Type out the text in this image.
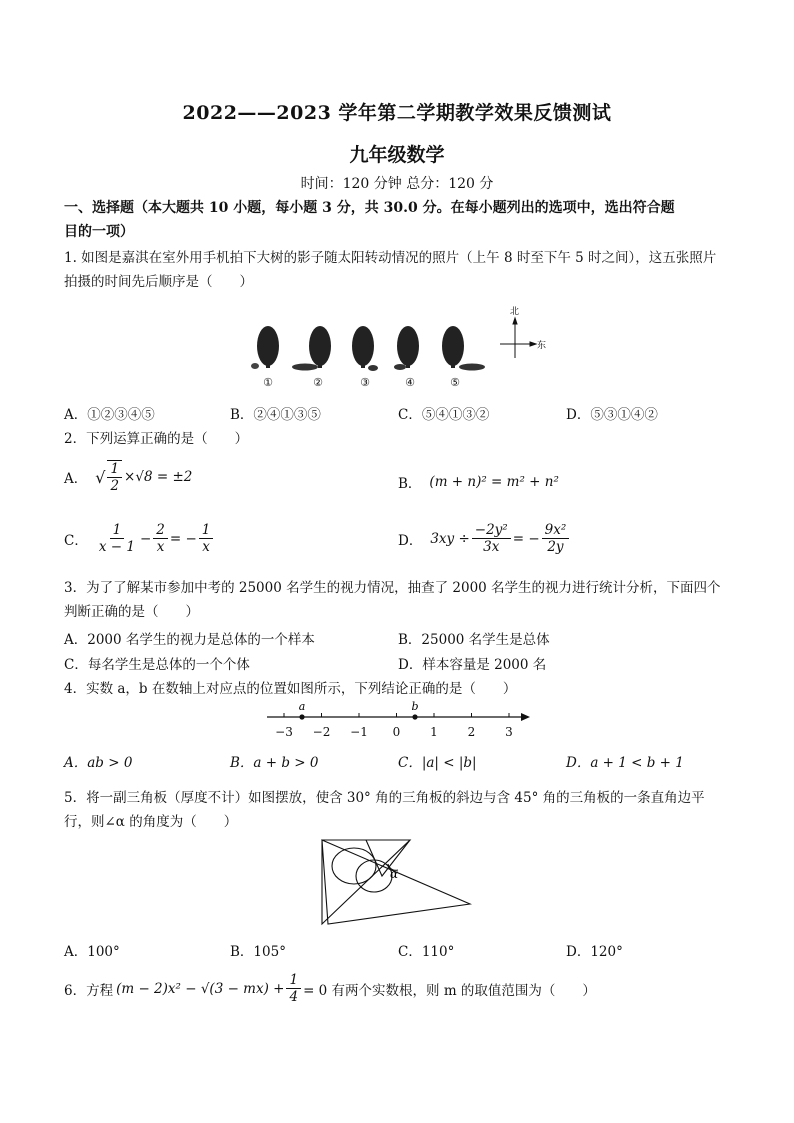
2022——2023 学年第二学期教学效果反馈测试
九年级数学
时间：120 分钟 总分：120 分
一、选择题（本大题共 10 小题，每小题 3 分，共 30.0 分。在每小题列出的选项中，选出符合题
目的一项）
1. 如图是嘉淇在室外用手机拍下大树的影子随太阳转动情况的照片（上午 8 时至下午 5 时之间），这五张照片
拍摄的时间先后顺序是（　　）
①	②	③	④	⑤
北
东
A．①②③④⑤	B．②④①③⑤	C．⑤④①③②	D．⑤③①④②
2．下列运算正确的是（　　）
A． √ $\frac{1}{2} \times√8 = \pm 2$	B． (m + n)² = m² + n²
C． $\frac{1}{x - 1} - \frac{2}{x}$ = − $\frac{1}{x}$	D． $3xy \div \frac{\text{−2y²}}{3x}$ = − $\frac{\text{9x²}}{2y}$
3．为了了解某市参加中考的 25000 名学生的视力情况，抽查了 2000 名学生的视力进行统计分析，下面四个
判断正确的是（　　）
A．2000 名学生的视力是总体的一个样本	B．25000 名学生是总体
C．每名学生是总体的一个个体	D．样本容量是 2000 名
4．实数 a，b 在数轴上对应点的位置如图所示，下列结论正确的是（　　）
−3 −2 −1 0 1 2 3
a	b
A．ab > 0	B．a + b > 0	C．|a| < |b|	D．a + 1 < b + 1
5．将一副三角板（厚度不计）如图摆放，使含 30° 角的三角板的斜边与含 45° 角的三角板的一条直角边平
行，则∠α 的角度为（　　）
α
A．100°	B．105°	C．110°	D．120°
6．方程 $(m - 2)x^2 - √(3 - mx) + \frac{1}{4} = 0$ 有两个实数根，则 m 的取值范围为（　　）
